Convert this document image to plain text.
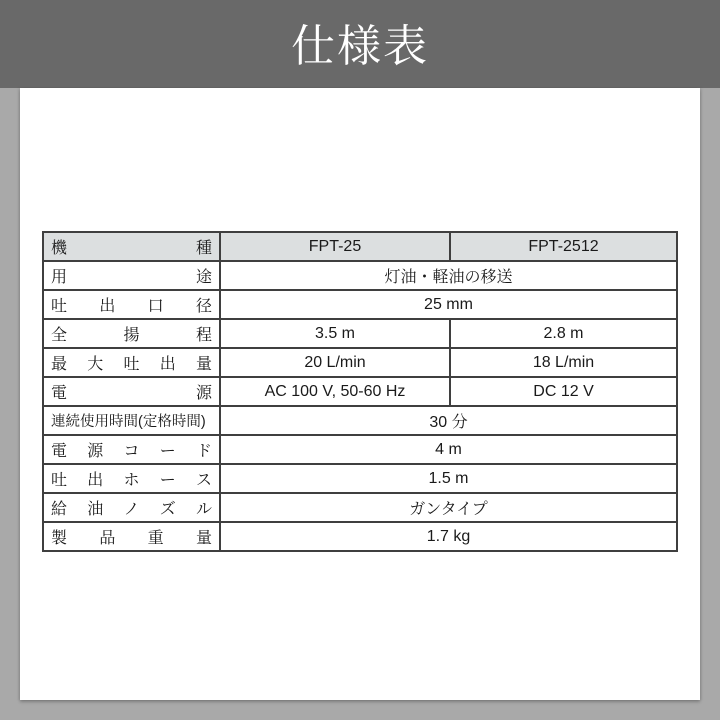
仕様表
機 種	FPT-25	FPT-2512

用 途	灯油・軽油の移送	

吐 出 口 径	25 mm	

全 揚 程	3.5 m	2.8 m

最 大 吐 出 量	20 L/min	18 L/min

電 源	AC 100 V, 50-60 Hz	DC 12 V
連続使用時間(定格時間)	30 分	

電 源 コ ー ド	4 m	

吐 出 ホ ー ス	1.5 m	

給 油 ノ ズ ル	ガンタイプ	

製 品 重 量	1.7 kg	
